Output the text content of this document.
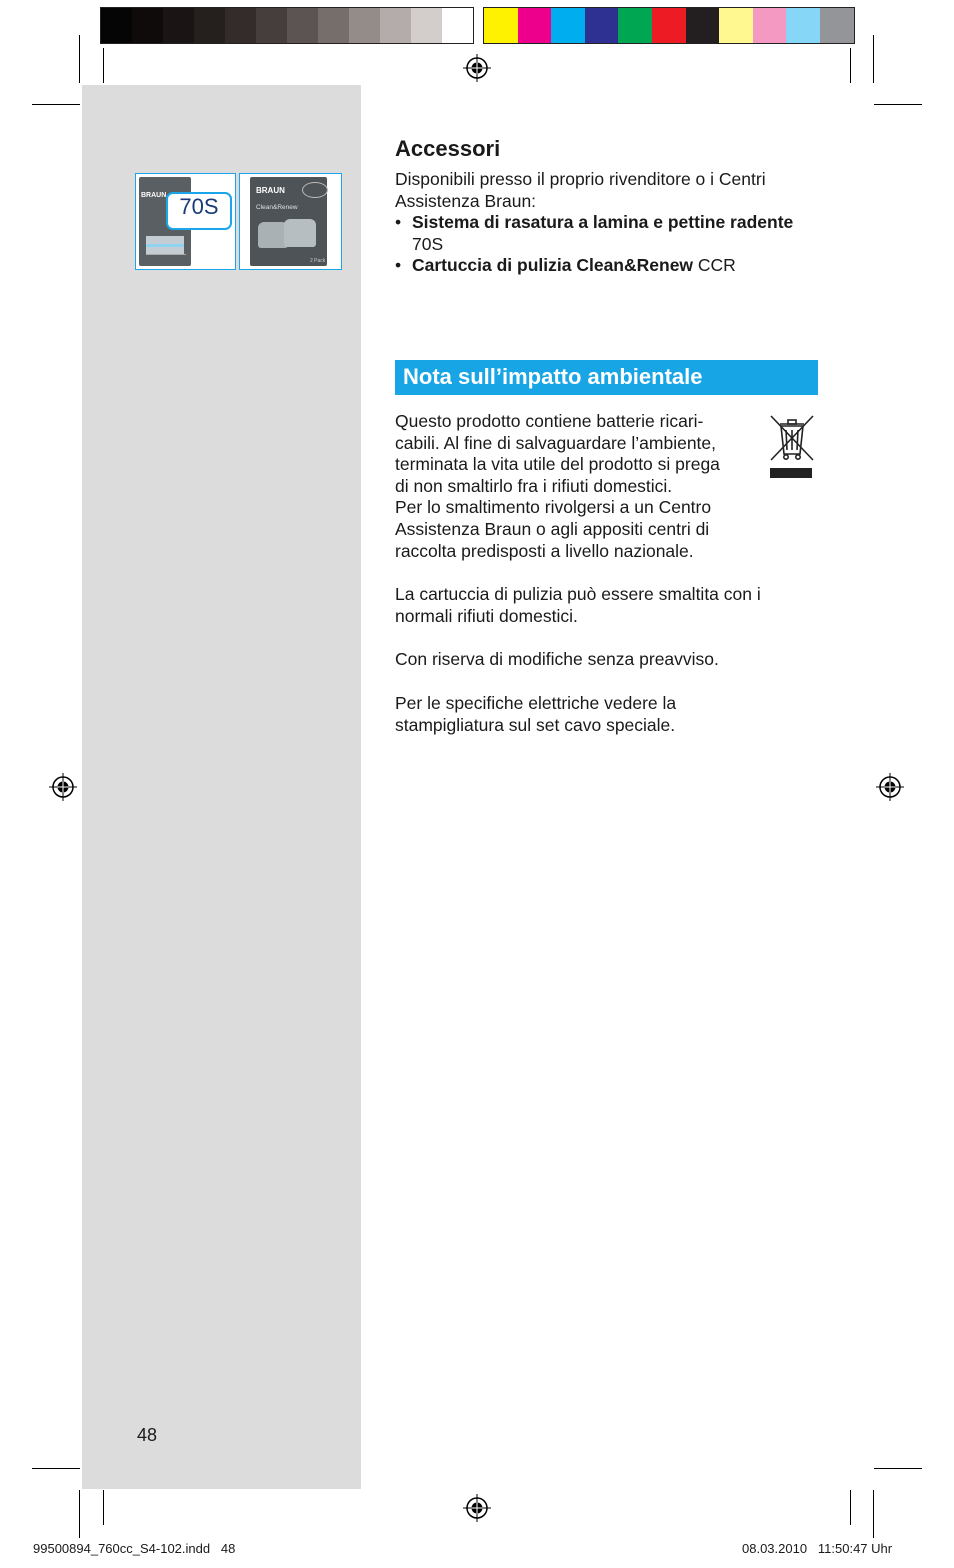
BRAUN 70S
BRAUN
Clean&Renew
2 Pack
Accessori
Disponibili presso il proprio rivenditore o i Centri Assistenza Braun:
• Sistema di rasatura a lamina e pettine radente 70S
• Cartuccia di pulizia Clean&Renew CCR
Nota sull’impatto ambientale
Questo prodotto contiene batterie ricari-
cabili. Al fine di salvaguardare l’ambiente,
terminata la vita utile del prodotto si prega
di non smaltirlo fra i rifiuti domestici.
Per lo smaltimento rivolgersi a un Centro
Assistenza Braun o agli appositi centri di
raccolta predisposti a livello nazionale.
La cartuccia di pulizia può essere smaltita con i normali rifiuti domestici.
Con riserva di modifiche senza preavviso.
Per le specifiche elettriche vedere la stampigliatura sul set cavo speciale.
48
99500894_760cc_S4-102.indd   48	08.03.2010   11:50:47 Uhr
